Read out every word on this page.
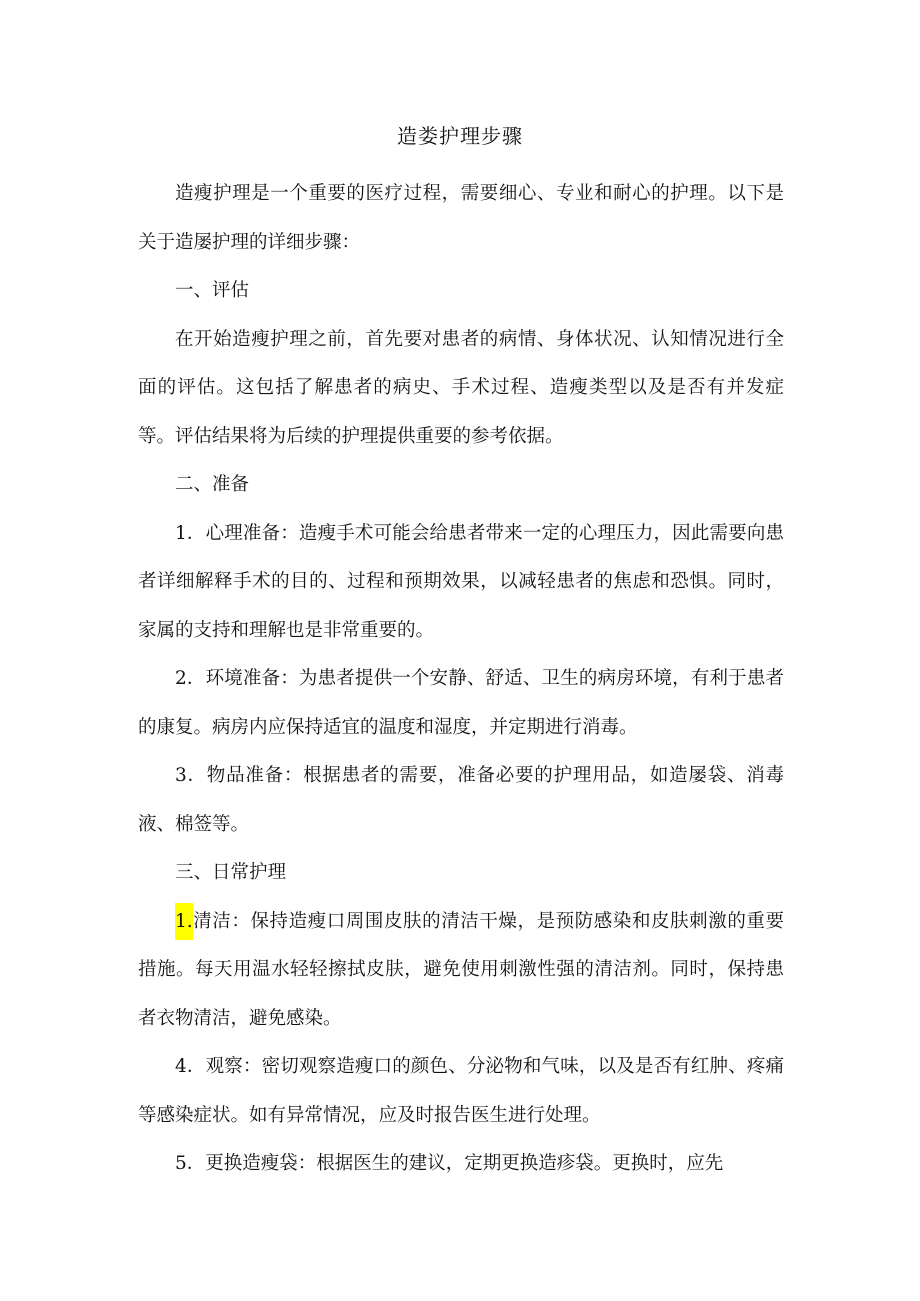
造娄护理步骤

造瘦护理是一个重要的医疗过程，需要细心、专业和耐心的护理。以下是关于造屡护理的详细步骤：

一、评估

在开始造瘦护理之前，首先要对患者的病情、身体状况、认知情况进行全面的评估。这包括了解患者的病史、手术过程、造瘦类型以及是否有并发症等。评估结果将为后续的护理提供重要的参考依据。

二、准备

1．心理准备：造瘦手术可能会给患者带来一定的心理压力，因此需要向患者详细解释手术的目的、过程和预期效果，以减轻患者的焦虑和恐惧。同时，家属的支持和理解也是非常重要的。

2．环境准备：为患者提供一个安静、舒适、卫生的病房环境，有利于患者的康复。病房内应保持适宜的温度和湿度，并定期进行消毒。

3．物品准备：根据患者的需要，准备必要的护理用品，如造屡袋、消毒液、棉签等。

三、日常护理

1.清洁：保持造瘦口周围皮肤的清洁干燥，是预防感染和皮肤刺激的重要措施。每天用温水轻轻擦拭皮肤，避免使用刺激性强的清洁剂。同时，保持患者衣物清洁，避免感染。

4．观察：密切观察造瘦口的颜色、分泌物和气味，以及是否有红肿、疼痛等感染症状。如有异常情况，应及时报告医生进行处理。

5．更换造瘦袋：根据医生的建议，定期更换造疹袋。更换时，应先
